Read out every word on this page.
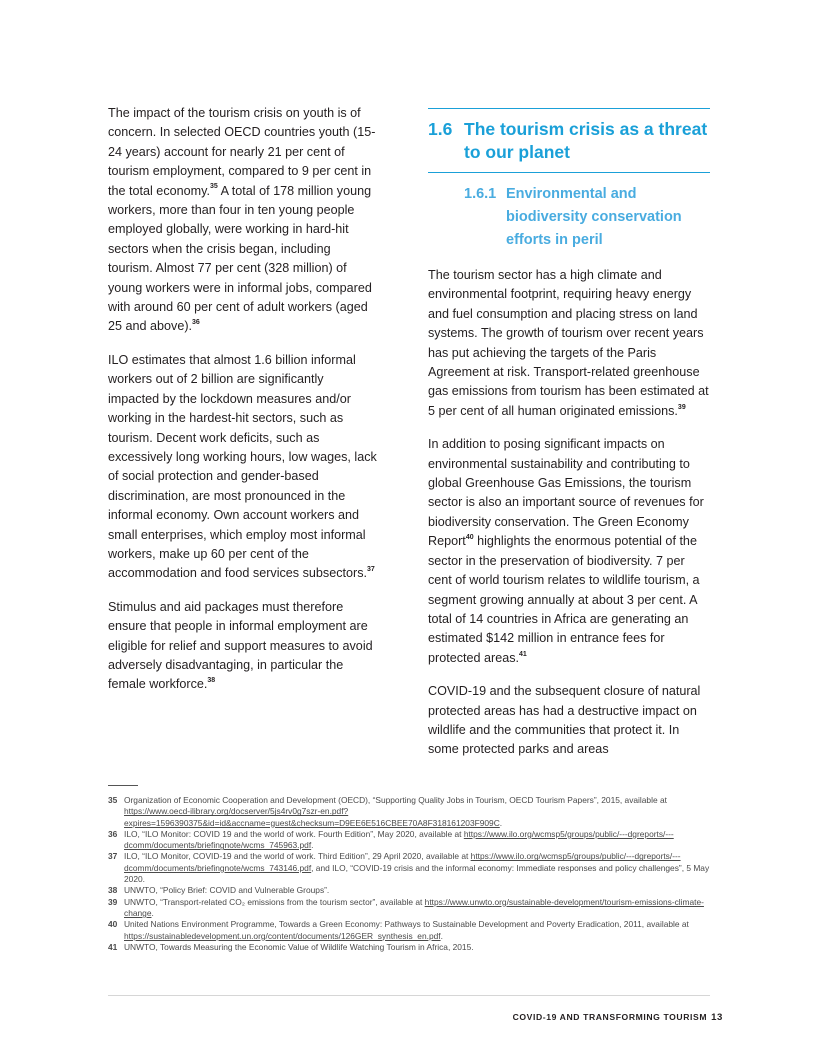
The impact of the tourism crisis on youth is of concern. In selected OECD countries youth (15-24 years) account for nearly 21 per cent of tourism employment, compared to 9 per cent in the total economy.$^{35}$ A total of 178 million young workers, more than four in ten young people employed globally, were working in hard-hit sectors when the crisis began, including tourism. Almost 77 per cent (328 million) of young workers were in informal jobs, compared with around 60 per cent of adult workers (aged 25 and above).$^{36}$

ILO estimates that almost 1.6 billion informal workers out of 2 billion are significantly impacted by the lockdown measures and/or working in the hardest-hit sectors, such as tourism. Decent work deficits, such as excessively long working hours, low wages, lack of social protection and gender-based discrimination, are most pronounced in the informal economy. Own account workers and small enterprises, which employ most informal workers, make up 60 per cent of the accommodation and food services subsectors.$^{37}$

Stimulus and aid packages must therefore ensure that people in informal employment are eligible for relief and support measures to avoid adversely disadvantaging, in particular the female workforce.$^{38}$

1.6 The tourism crisis as a threat to our planet
1.6.1 Environmental and biodiversity conservation efforts in peril

The tourism sector has a high climate and environmental footprint, requiring heavy energy and fuel consumption and placing stress on land systems. The growth of tourism over recent years has put achieving the targets of the Paris Agreement at risk. Transport-related greenhouse gas emissions from tourism has been estimated at 5 per cent of all human originated emissions.$^{39}$

In addition to posing significant impacts on environmental sustainability and contributing to global Greenhouse Gas Emissions, the tourism sector is also an important source of revenues for biodiversity conservation. The Green Economy Report$^{40}$ highlights the enormous potential of the sector in the preservation of biodiversity. 7 per cent of world tourism relates to wildlife tourism, a segment growing annually at about 3 per cent. A total of 14 countries in Africa are generating an estimated $142 million in entrance fees for protected areas.$^{41}$

COVID-19 and the subsequent closure of natural protected areas has had a destructive impact on wildlife and the communities that protect it. In some protected parks and areas

35 Organization of Economic Cooperation and Development (OECD), “Supporting Quality Jobs in Tourism, OECD Tourism Papers”, 2015, available at https://www.oecd-ilibrary.org/docserver/5js4rv0g7szr-en.pdf?expires=1596390375&id=id&accname=guest&checksum=D9EE6E516CBEE70A8F318161203F909C.
36 ILO, “ILO Monitor: COVID 19 and the world of work. Fourth Edition”, May 2020, available at https://www.ilo.org/wcmsp5/groups/public/---dgreports/---dcomm/documents/briefingnote/wcms_745963.pdf.
37 ILO, “ILO Monitor, COVID-19 and the world of work. Third Edition”, 29 April 2020, available at https://www.ilo.org/wcmsp5/groups/public/---dgreports/---dcomm/documents/briefingnote/wcms_743146.pdf, and ILO, “COVID-19 crisis and the informal economy: Immediate responses and policy challenges”, 5 May 2020.
38 UNWTO, “Policy Brief: COVID and Vulnerable Groups”.
39 UNWTO, “Transport-related CO₂ emissions from the tourism sector”, available at https://www.unwto.org/sustainable-development/tourism-emissions-climate-change.
40 United Nations Environment Programme, Towards a Green Economy: Pathways to Sustainable Development and Poverty Eradication, 2011, available at https://sustainabledevelopment.un.org/content/documents/126GER_synthesis_en.pdf.
41 UNWTO, Towards Measuring the Economic Value of Wildlife Watching Tourism in Africa, 2015.
COVID-19 AND TRANSFORMING TOURISM 13
